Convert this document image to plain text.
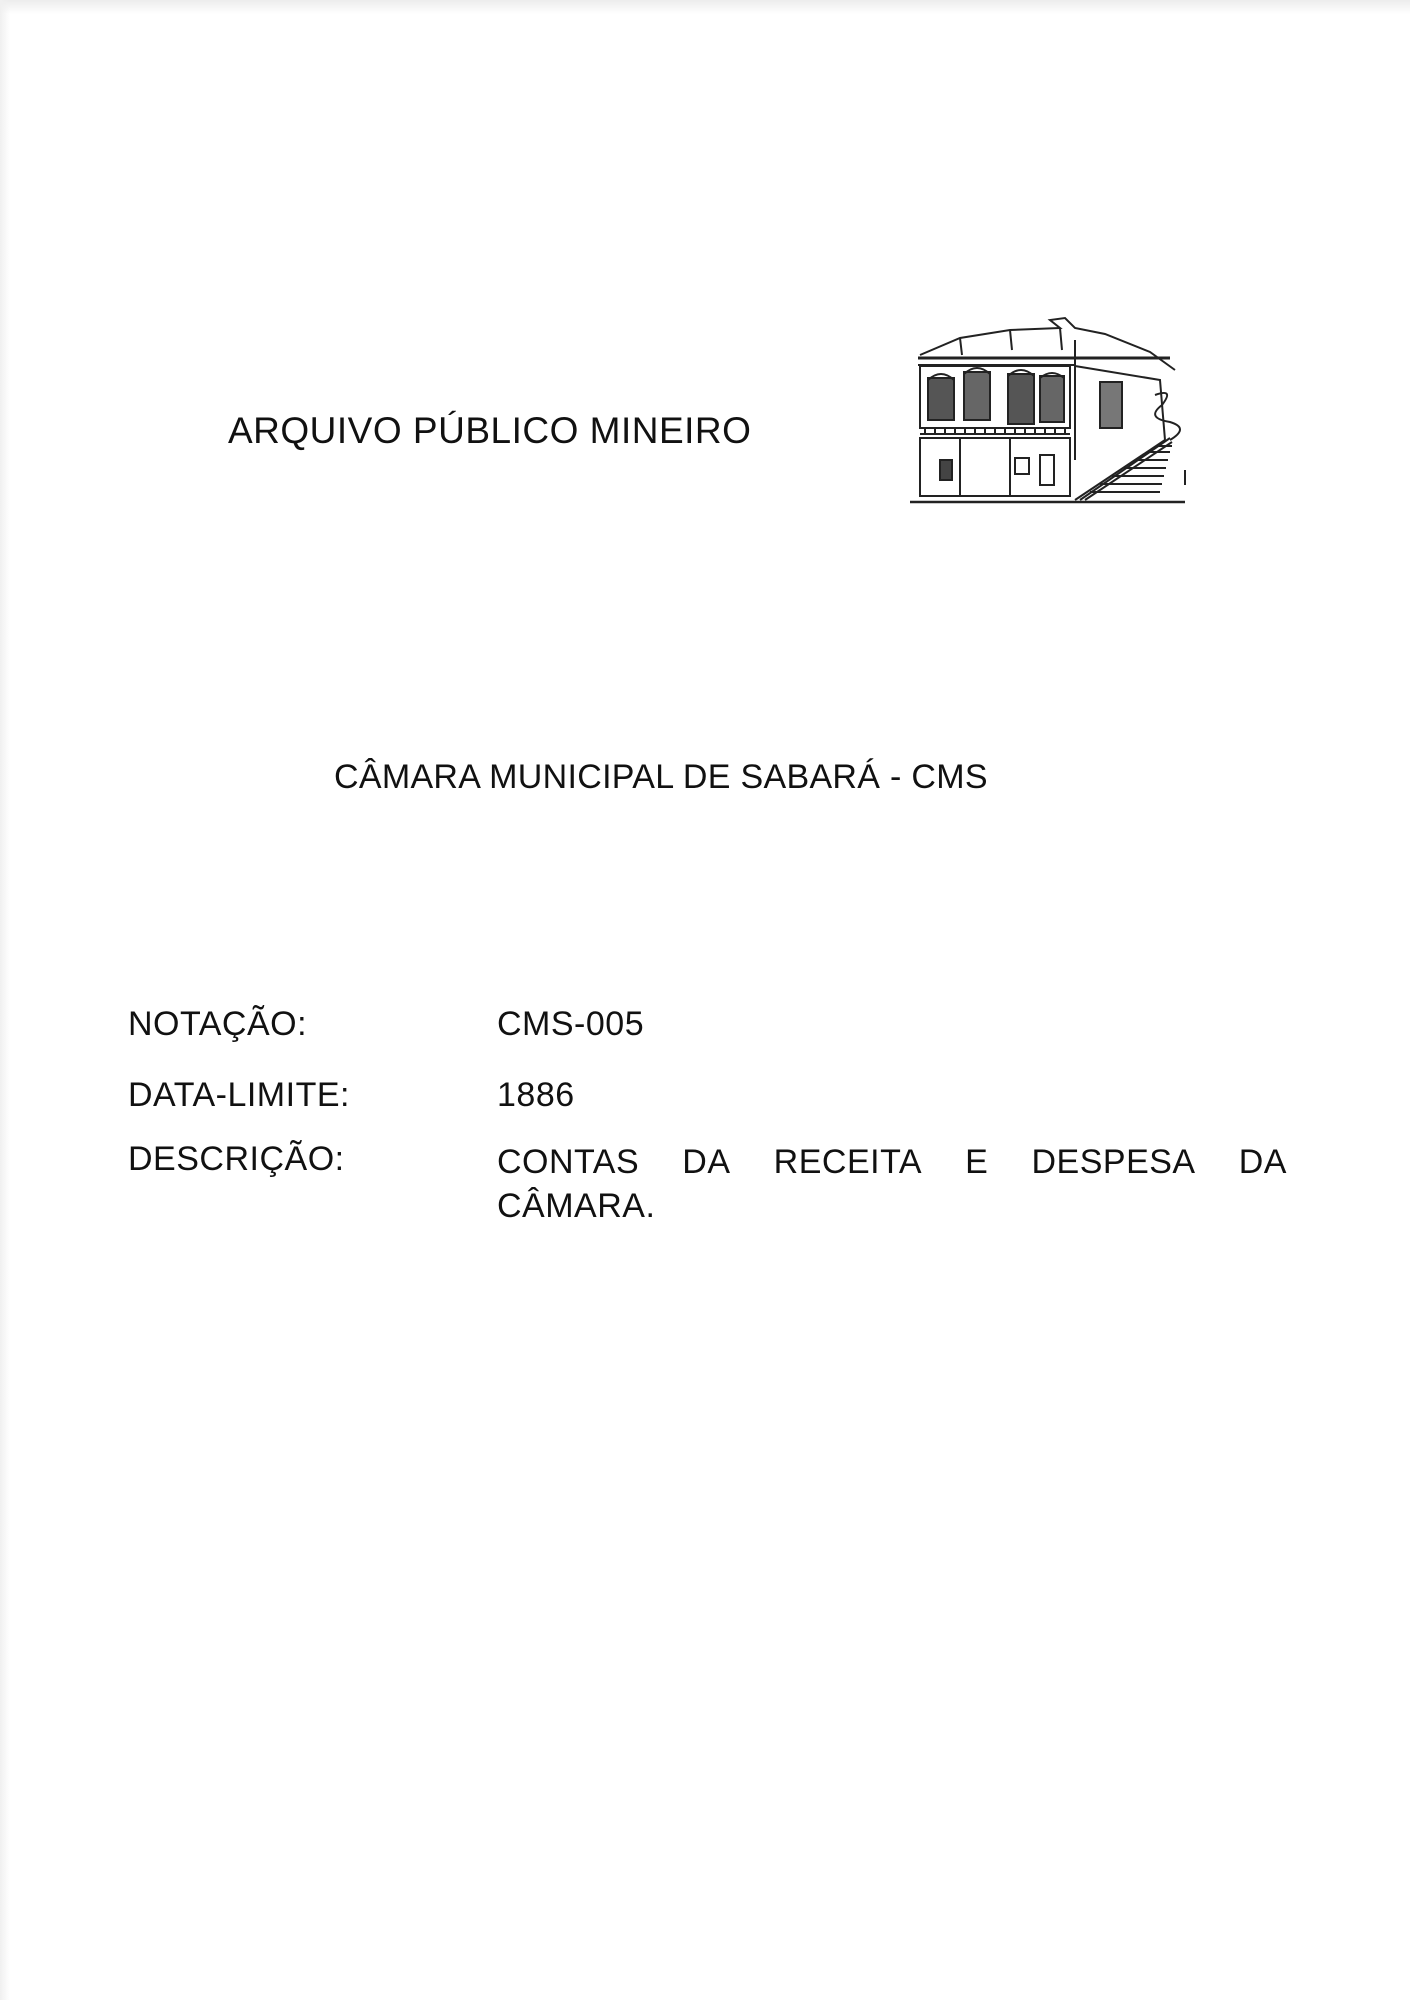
ARQUIVO PÚBLICO MINEIRO
CÂMARA MUNICIPAL DE SABARÁ - CMS
NOTAÇÃO:	CMS-005
DATA-LIMITE:	1886
DESCRIÇÃO:	CONTAS DA RECEITA E DESPESA DA
CÂMARA.
